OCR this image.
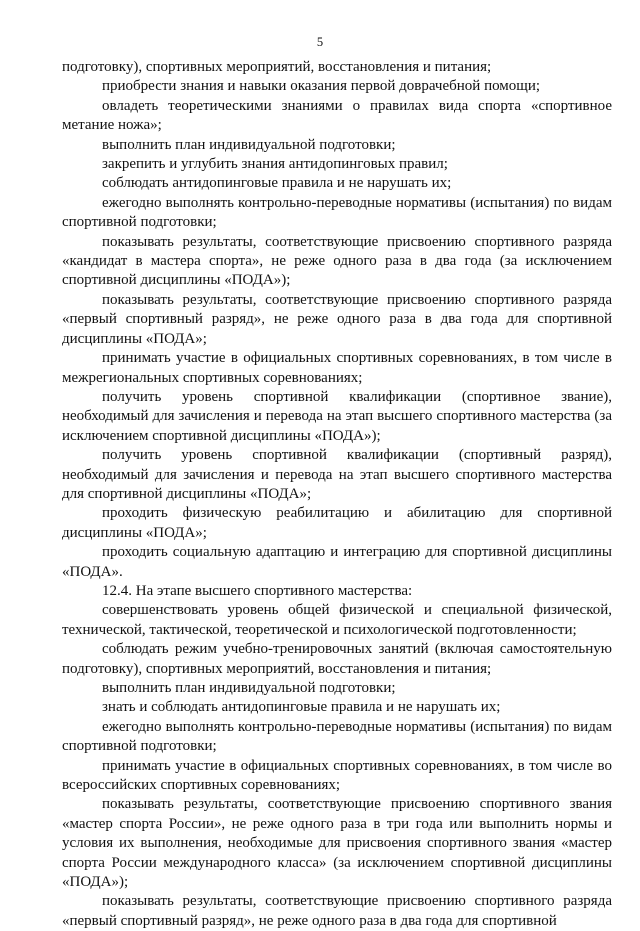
5

подготовку), спортивных мероприятий, восстановления и питания;

приобрести знания и навыки оказания первой доврачебной помощи;

овладеть теоретическими знаниями о правилах вида спорта «спортивное метание ножа»;

выполнить план индивидуальной подготовки;

закрепить и углубить знания антидопинговых правил;

соблюдать антидопинговые правила и не нарушать их;

ежегодно выполнять контрольно-переводные нормативы (испытания) по видам спортивной подготовки;

показывать результаты, соответствующие присвоению спортивного разряда «кандидат в мастера спорта», не реже одного раза в два года (за исключением спортивной дисциплины «ПОДА»);

показывать результаты, соответствующие присвоению спортивного разряда «первый спортивный разряд», не реже одного раза в два года для спортивной дисциплины «ПОДА»;

принимать участие в официальных спортивных соревнованиях, в том числе в межрегиональных спортивных соревнованиях;

получить уровень спортивной квалификации (спортивное звание), необходимый для зачисления и перевода на этап высшего спортивного мастерства (за исключением спортивной дисциплины «ПОДА»);

получить уровень спортивной квалификации (спортивный разряд), необходимый для зачисления и перевода на этап высшего спортивного мастерства для спортивной дисциплины «ПОДА»;

проходить физическую реабилитацию и абилитацию для спортивной дисциплины «ПОДА»;

проходить социальную адаптацию и интеграцию для спортивной дисциплины «ПОДА».

12.4. На этапе высшего спортивного мастерства:

совершенствовать уровень общей физической и специальной физической, технической, тактической, теоретической и психологической подготовленности;

соблюдать режим учебно-тренировочных занятий (включая самостоятельную подготовку), спортивных мероприятий, восстановления и питания;

выполнить план индивидуальной подготовки;

знать и соблюдать антидопинговые правила и не нарушать их;

ежегодно выполнять контрольно-переводные нормативы (испытания) по видам спортивной подготовки;

принимать участие в официальных спортивных соревнованиях, в том числе во всероссийских спортивных соревнованиях;

показывать результаты, соответствующие присвоению спортивного звания «мастер спорта России», не реже одного раза в три года или выполнить нормы и условия их выполнения, необходимые для присвоения спортивного звания «мастер спорта России международного класса» (за исключением спортивной дисциплины «ПОДА»);

показывать результаты, соответствующие присвоению спортивного разряда «первый спортивный разряд», не реже одного раза в два года для спортивной
